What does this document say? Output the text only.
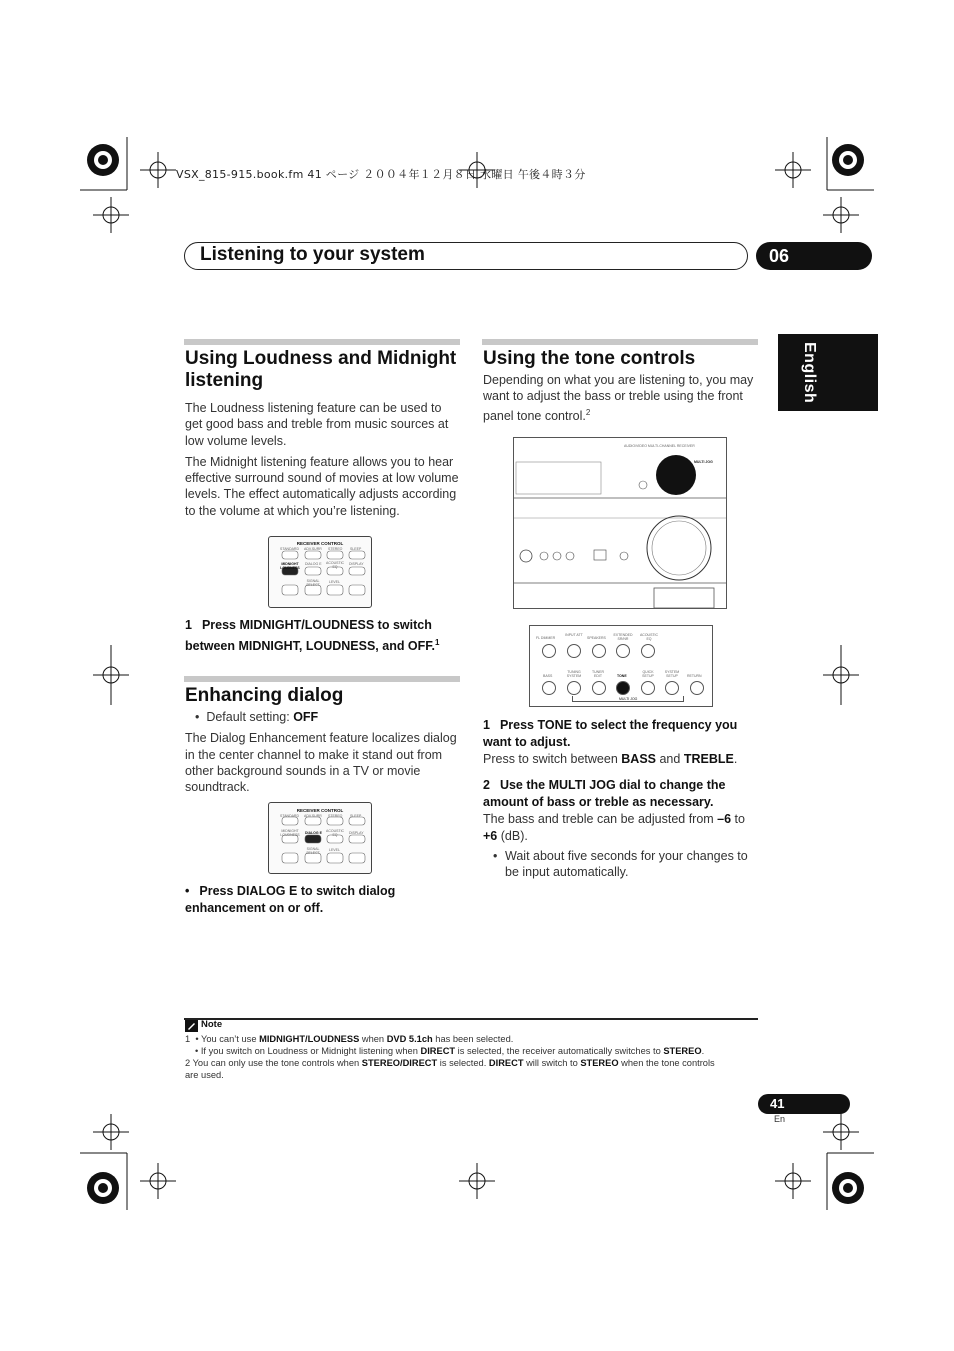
VSX_815-915.book.fm 41 ページ ２００４年１２月８日 水曜日 午後４時３分
Listening to your system	06
English
Using Loudness and Midnight
listening

The Loudness listening feature can be used to get good bass and treble from music sources at low volume levels.

The Midnight listening feature allows you to hear effective surround sound of movies at low volume levels. The effect automatically adjusts according to the volume at which you’re listening.

RECEIVER CONTROL
STANDARD ADV.SURR STEREO SLEEP
MIDNIGHT LOUDNESS
DIALOG E ACOUSTIC EQ
DISPLAY
SIGNAL SELECT
LEVEL
1 Press MIDNIGHT/LOUDNESS to switch between MIDNIGHT, LOUDNESS, and OFF.$^1$
Enhancing dialog
•  Default setting: OFF

The Dialog Enhancement feature localizes dialog in the center channel to make it stand out from other background sounds in a TV or movie soundtrack.

RECEIVER CONTROL
STANDARD ADV.SURR STEREO SLEEP
MIDNIGHT LOUDNESS	DIALOG E ACOUSTIC EQ	DISPLAY
SIGNAL SELECT
LEVEL
• Press DIALOG E to switch dialog enhancement on or off.
Using the tone controls

Depending on what you are listening to, you may want to adjust the bass or treble using the front panel tone control.$^2$

AUDIO/VIDEO MULTI-CHANNEL RECEIVER
MULTI JOG
FL DIMMER
INPUT ATT
SPEAKERS
EXTENDED SR/NR
ACOUSTIC EQ
BASS
TUNING SYSTEM
TUNER EDIT	TONE
QUICK SETUP
SYSTEM SETUP	RETURN
MULTI JOG
1 Press TONE to select the frequency you want to adjust.

Press to switch between BASS and TREBLE.

2 Use the MULTI JOG dial to change the amount of bass or treble as necessary.

The bass and treble can be adjusted from –6 to +6 (dB).

• Wait about five seconds for your changes to be input automatically.
Note
1 • You can’t use MIDNIGHT/LOUDNESS when DVD 5.1ch has been selected.
• If you switch on Loudness or Midnight listening when DIRECT is selected, the receiver automatically switches to STEREO.
2 You can only use the tone controls when STEREO/DIRECT is selected. DIRECT will switch to STEREO when the tone controls
are used.
41
En
